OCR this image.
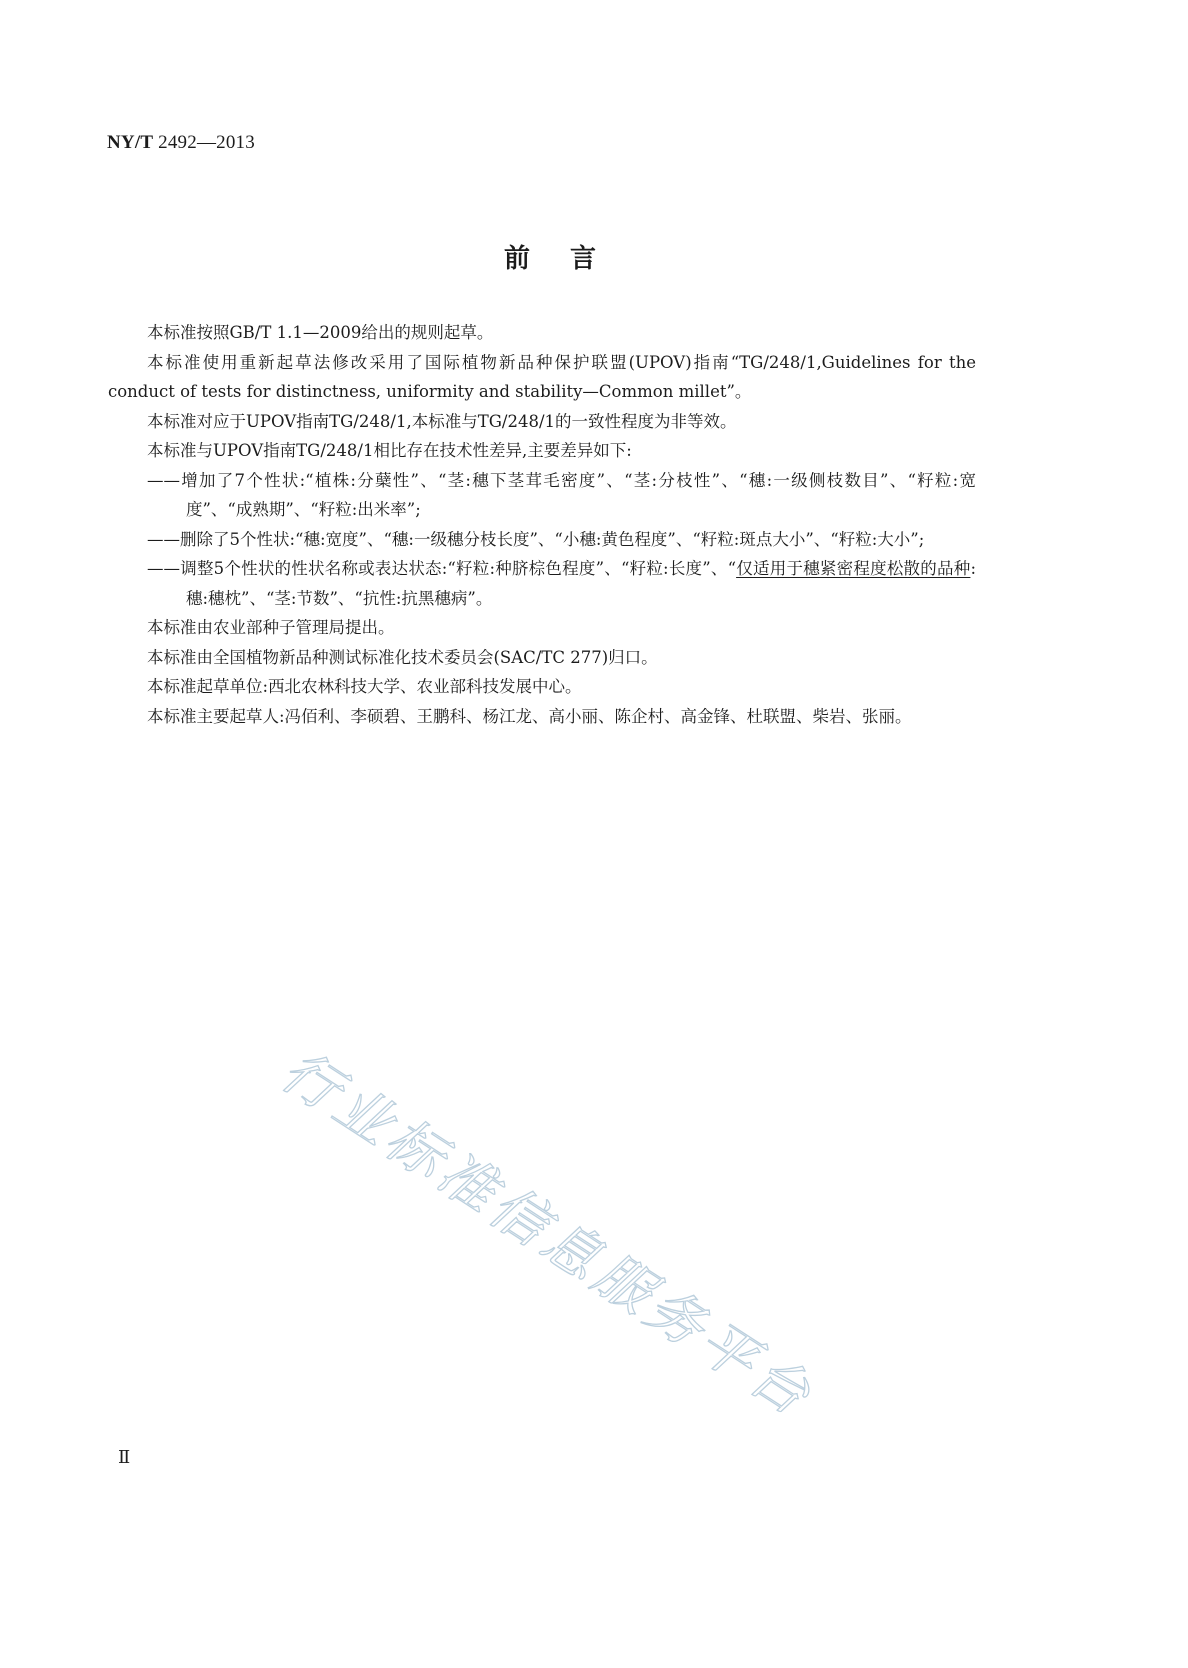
NY/T 2492—2013
前言

本标准按照GB/T 1.1—2009给出的规则起草。

本标准使用重新起草法修改采用了国际植物新品种保护联盟(UPOV)指南“TG/248/1,Guidelines for the conduct of tests for distinctness, uniformity and stability—Common millet”。

本标准对应于UPOV指南TG/248/1,本标准与TG/248/1的一致性程度为非等效。

本标准与UPOV指南TG/248/1相比存在技术性差异,主要差异如下:

——增加了7个性状:“植株:分蘖性”、“茎:穗下茎茸毛密度”、“茎:分枝性”、“穗:一级侧枝数目”、“籽粒:宽度”、“成熟期”、“籽粒:出米率”;

——删除了5个性状:“穗:宽度”、“穗:一级穗分枝长度”、“小穗:黄色程度”、“籽粒:斑点大小”、“籽粒:大小”;

——调整5个性状的性状名称或表达状态:“籽粒:种脐棕色程度”、“籽粒:长度”、“仅适用于穗紧密程度松散的品种:穗:穗枕”、“茎:节数”、“抗性:抗黑穗病”。

本标准由农业部种子管理局提出。

本标准由全国植物新品种测试标准化技术委员会(SAC/TC 277)归口。

本标准起草单位:西北农林科技大学、农业部科技发展中心。

本标准主要起草人:冯佰利、李硕碧、王鹏科、杨江龙、高小丽、陈企村、高金锋、杜联盟、柴岩、张丽。

行业标准信息服务平台
Ⅱ
